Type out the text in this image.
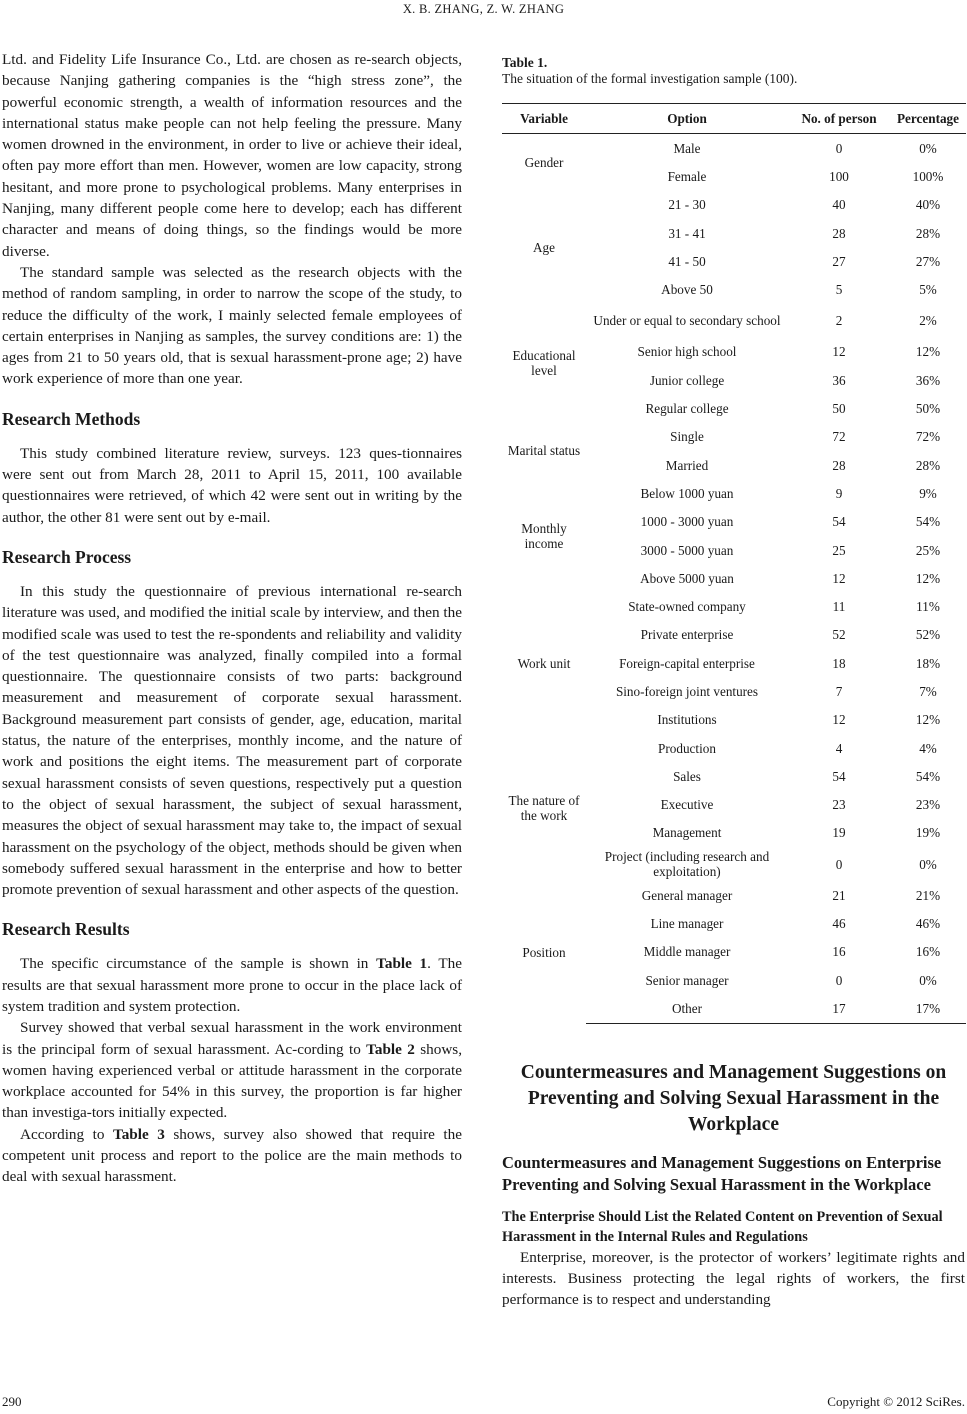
X. B. ZHANG, Z. W. ZHANG

Ltd. and Fidelity Life Insurance Co., Ltd. are chosen as re-search objects, because Nanjing gathering companies is the “high stress zone”, the powerful economic strength, a wealth of information resources and the international status make people can not help feeling the pressure. Many women drowned in the environment, in order to live or achieve their ideal, often pay more effort than men. However, women are low capacity, strong hesitant, and more prone to psychological problems. Many enterprises in Nanjing, many different people come here to develop; each has different character and means of doing things, so the findings would be more diverse.

The standard sample was selected as the research objects with the method of random sampling, in order to narrow the scope of the study, to reduce the difficulty of the work, I mainly selected female employees of certain enterprises in Nanjing as samples, the survey conditions are: 1) the ages from 21 to 50 years old, that is sexual harassment-prone age; 2) have work experience of more than one year.

Research Methods

This study combined literature review, surveys. 123 ques-tionnaires were sent out from March 28, 2011 to April 15, 2011, 100 available questionnaires were retrieved, of which 42 were sent out in writing by the author, the other 81 were sent out by e-mail.

Research Process

In this study the questionnaire of previous international re-search literature was used, and modified the initial scale by interview, and then the modified scale was used to test the re-spondents and reliability and validity of the test questionnaire was analyzed, finally compiled into a formal questionnaire. The questionnaire consists of two parts: background measurement and measurement of corporate sexual harassment. Background measurement part consists of gender, age, education, marital status, the nature of the enterprises, monthly income, and the nature of work and positions the eight items. The measurement part of corporate sexual harassment consists of seven questions, respectively put a question to the object of sexual harassment, the subject of sexual harassment, measures the object of sexual harassment may take to, the impact of sexual harassment on the psychology of the object, methods should be given when somebody suffered sexual harassment in the enterprise and how to better promote prevention of sexual harassment and other aspects of the question.

Research Results

The specific circumstance of the sample is shown in Table 1. The results are that sexual harassment more prone to occur in the place lack of system tradition and system protection.

Survey showed that verbal sexual harassment in the work environment is the principal form of sexual harassment. Ac-cording to Table 2 shows, women having experienced verbal or attitude harassment in the corporate workplace accounted for 54% in this survey, the proportion is far higher than investiga-tors initially expected.

According to Table 3 shows, survey also showed that require the competent unit process and report to the police are the main methods to deal with sexual harassment.

Table 1.
The situation of the formal investigation sample (100).
Variable	Option	No. of person	Percentage
Gender	Male	0	0%
	Female	100	100%
Age	21 - 30	40	40%
	31 - 41	28	28%
	41 - 50	27	27%
	Above 50	5	5%
Educational level	Under or equal to secondary school	2	2%
	Senior high school	12	12%
	Junior college	36	36%
	Regular college	50	50%
Marital status	Single	72	72%
	Married	28	28%
Monthly income	Below 1000 yuan	9	9%
	1000 - 3000 yuan	54	54%
	3000 - 5000 yuan	25	25%
	Above 5000 yuan	12	12%
Work unit	State-owned company	11	11%
	Private enterprise	52	52%
	Foreign-capital enterprise	18	18%
	Sino-foreign joint ventures	7	7%
	Institutions	12	12%
The nature of the work	Production	4	4%
	Sales	54	54%
	Executive	23	23%
	Management	19	19%
	Project (including research and exploitation)	0	0%
Position	General manager	21	21%
	Line manager	46	46%
	Middle manager	16	16%
	Senior manager	0	0%
	Other	17	17%
Countermeasures and Management Suggestions on Preventing and Solving Sexual Harassment in the Workplace
Countermeasures and Management Suggestions on Enterprise Preventing and Solving Sexual Harassment in the Workplace
The Enterprise Should List the Related Content on Prevention of Sexual Harassment in the Internal Rules and Regulations

Enterprise, moreover, is the protector of workers’ legitimate rights and interests. Business protecting the legal rights of workers, the first performance is to respect and understanding

290	Copyright © 2012 SciRes.
